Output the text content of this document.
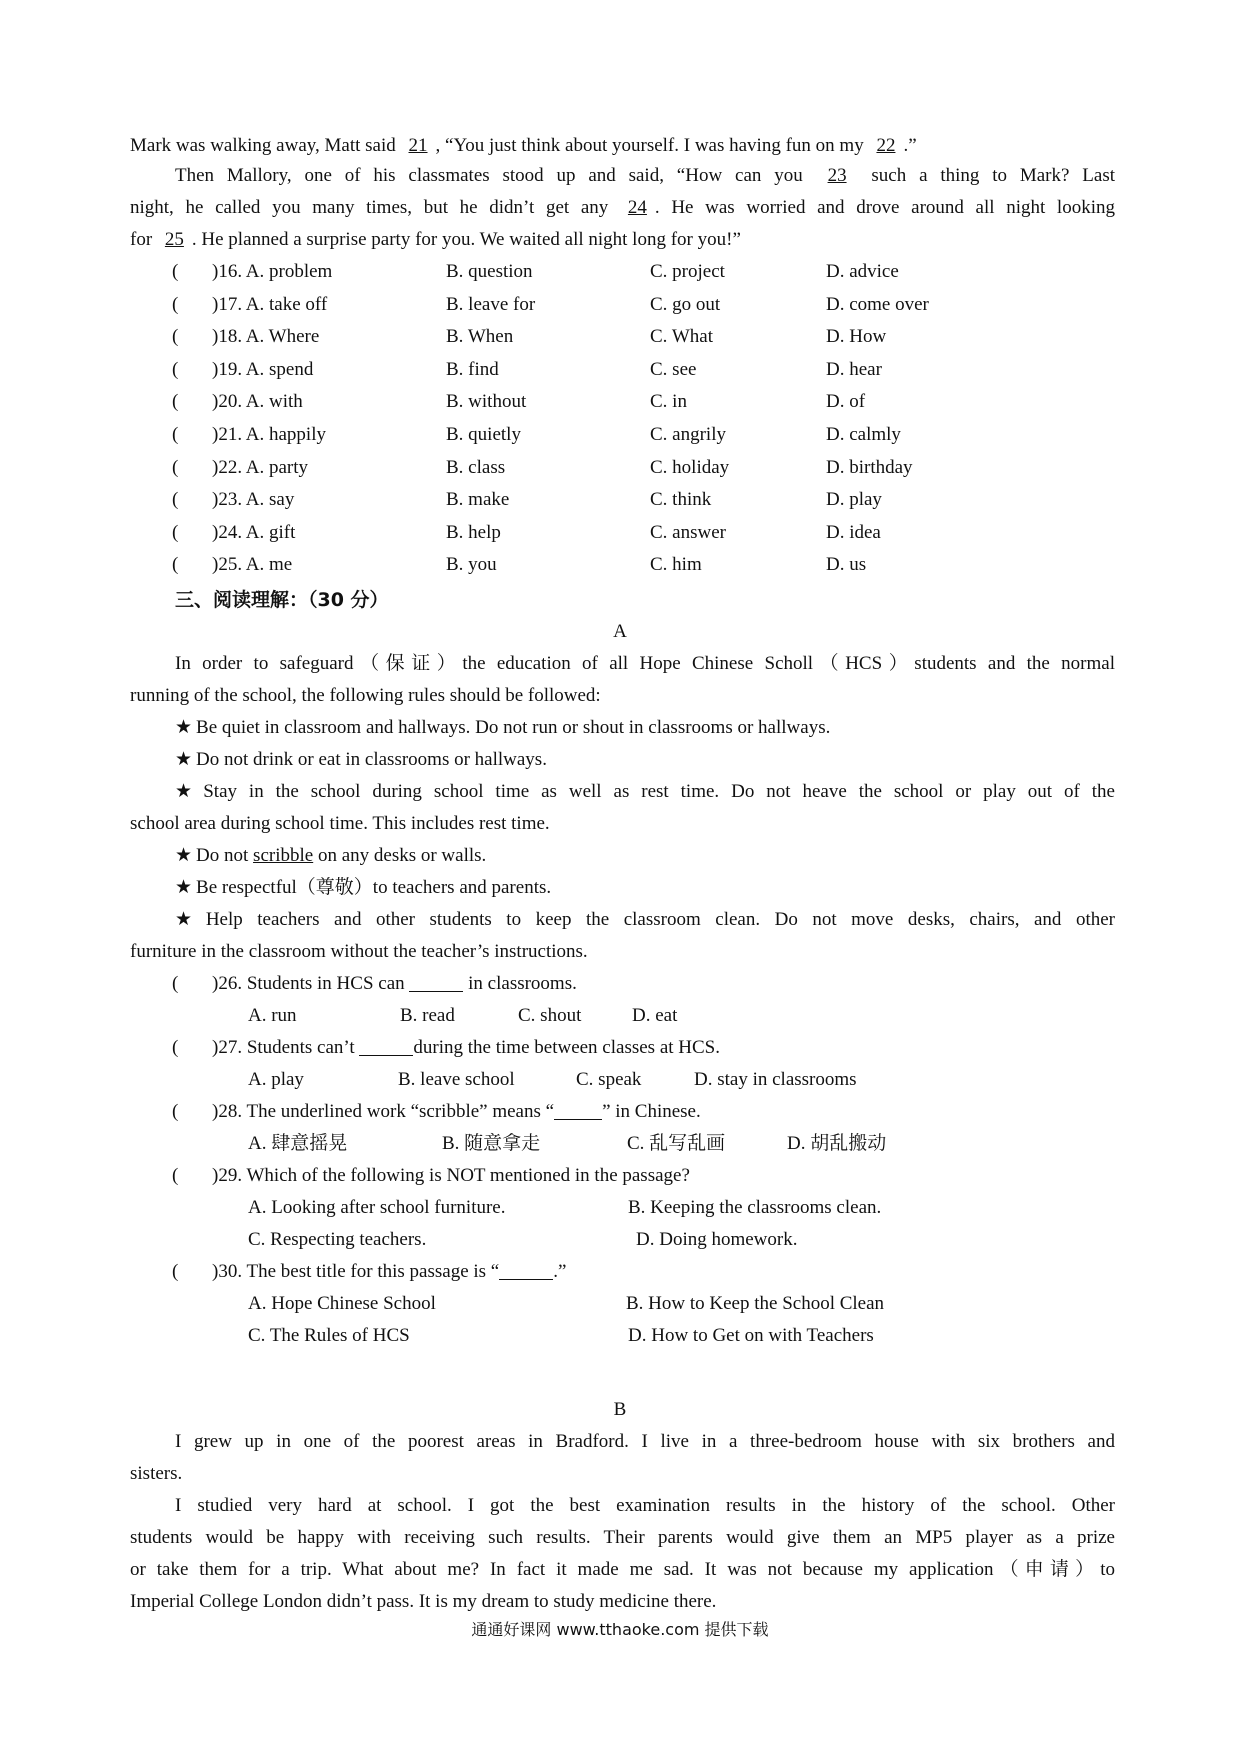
Mark was walking away, Matt said 21 , “You just think about yourself. I was having fun on my 22 .”
Then Mallory, one of his classmates stood up and said, “How can you 23 such a thing to Mark? Last
night, he called you many times, but he didn’t get any 24 . He was worried and drove around all night looking
for 25 . He planned a surprise party for you. We waited all night long for you!”
( )16. A. problem	B. question	C. project	D. advice
( )17. A. take off	B. leave for	C. go out	D. come over
( )18. A. Where	B. When	C. What	D. How
( )19. A. spend	B. find	C. see	D. hear
( )20. A. with	B. without	C. in	D. of
( )21. A. happily	B. quietly	C. angrily	D. calmly
( )22. A. party	B. class	C. holiday	D. birthday
( )23. A. say	B. make	C. think	D. play
( )24. A. gift	B. help	C. answer	D. idea
( )25. A. me	B. you	C. him	D. us
三、阅读理解：（30 分）
A
In order to safeguard（保证）the education of all Hope Chinese Scholl（HCS）students and the normal
running of the school, the following rules should be followed:
★ Be quiet in classroom and hallways. Do not run or shout in classrooms or hallways.
★ Do not drink or eat in classrooms or hallways.
★ Stay in the school during school time as well as rest time. Do not heave the school or play out of the
school area during school time. This includes rest time.
★ Do not scribble on any desks or walls.
★ Be respectful（尊敬）to teachers and parents.
★ Help teachers and other students to keep the classroom clean. Do not move desks, chairs, and other
furniture in the classroom without the teacher’s instructions.
( )26. Students in HCS can	in classrooms.
A. run	B. read	C. shout	D. eat
( )27. Students can’t	during the time between classes at HCS.
A. play	B. leave school	C. speak	D. stay in classrooms
( )28. The underlined work “scribble” means “	” in Chinese.
A. 肆意摇晃	B. 随意拿走	C. 乱写乱画	D. 胡乱搬动
( )29. Which of the following is NOT mentioned in the passage?
A. Looking after school furniture.	B. Keeping the classrooms clean.
C. Respecting teachers.	D. Doing homework.
( )30. The best title for this passage is “	.”
A. Hope Chinese School	B. How to Keep the School Clean
C. The Rules of HCS	D. How to Get on with Teachers
B
I grew up in one of the poorest areas in Bradford. I live in a three-bedroom house with six brothers and
sisters.
I studied very hard at school. I got the best examination results in the history of the school. Other
students would be happy with receiving such results. Their parents would give them an MP5 player as a prize
or take them for a trip. What about me? In fact it made me sad. It was not because my application（申请）to
Imperial College London didn’t pass. It is my dream to study medicine there.
通通好课网 www.tthaoke.com 提供下载
